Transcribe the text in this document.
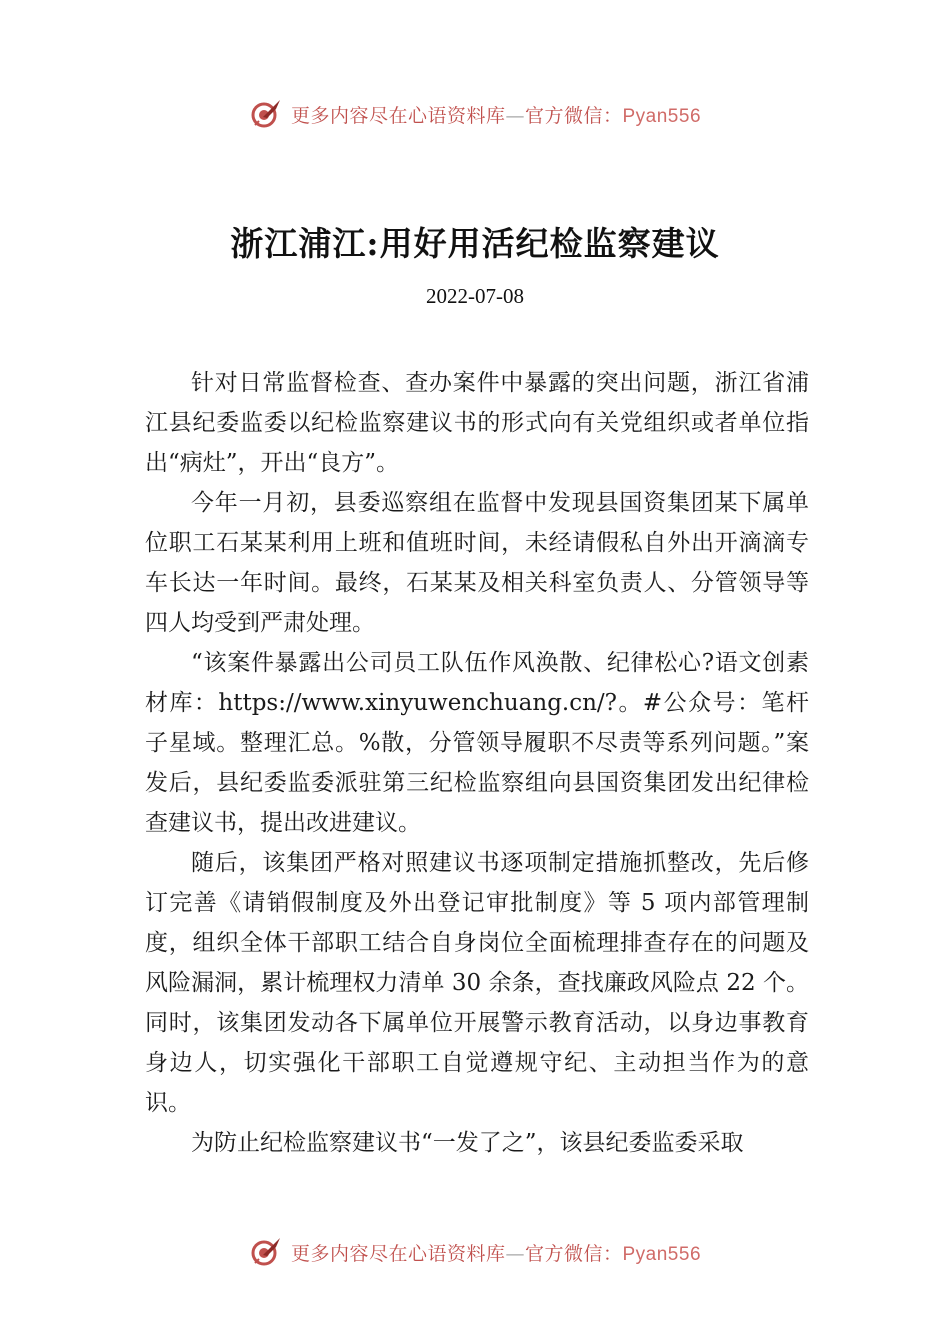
更多内容尽在心语资料库—官方微信：Pyan556
浙江浦江:用好用活纪检监察建议
2022-07-08

针对日常监督检查、查办案件中暴露的突出问题，浙江省浦江县纪委监委以纪检监察建议书的形式向有关党组织或者单位指出“病灶”，开出“良方”。

今年一月初，县委巡察组在监督中发现县国资集团某下属单位职工石某某利用上班和值班时间，未经请假私自外出开滴滴专车长达一年时间。最终，石某某及相关科室负责人、分管领导等四人均受到严肃处理。

“该案件暴露出公司员工队伍作风涣散、纪律松心?语文创素材库：https://www.xinyuwenchuang.cn/?。#公众号：笔杆子星域。整理汇总。%散，分管领导履职不尽责等系列问题。”案发后，县纪委监委派驻第三纪检监察组向县国资集团发出纪律检查建议书，提出改进建议。

随后，该集团严格对照建议书逐项制定措施抓整改，先后修订完善《请销假制度及外出登记审批制度》等 5 项内部管理制度，组织全体干部职工结合自身岗位全面梳理排查存在的问题及风险漏洞，累计梳理权力清单 30 余条，查找廉政风险点 22 个。同时，该集团发动各下属单位开展警示教育活动，以身边事教育身边人，切实强化干部职工自觉遵规守纪、主动担当作为的意识。

为防止纪检监察建议书“一发了之”，该县纪委监委采取

更多内容尽在心语资料库—官方微信：Pyan556
